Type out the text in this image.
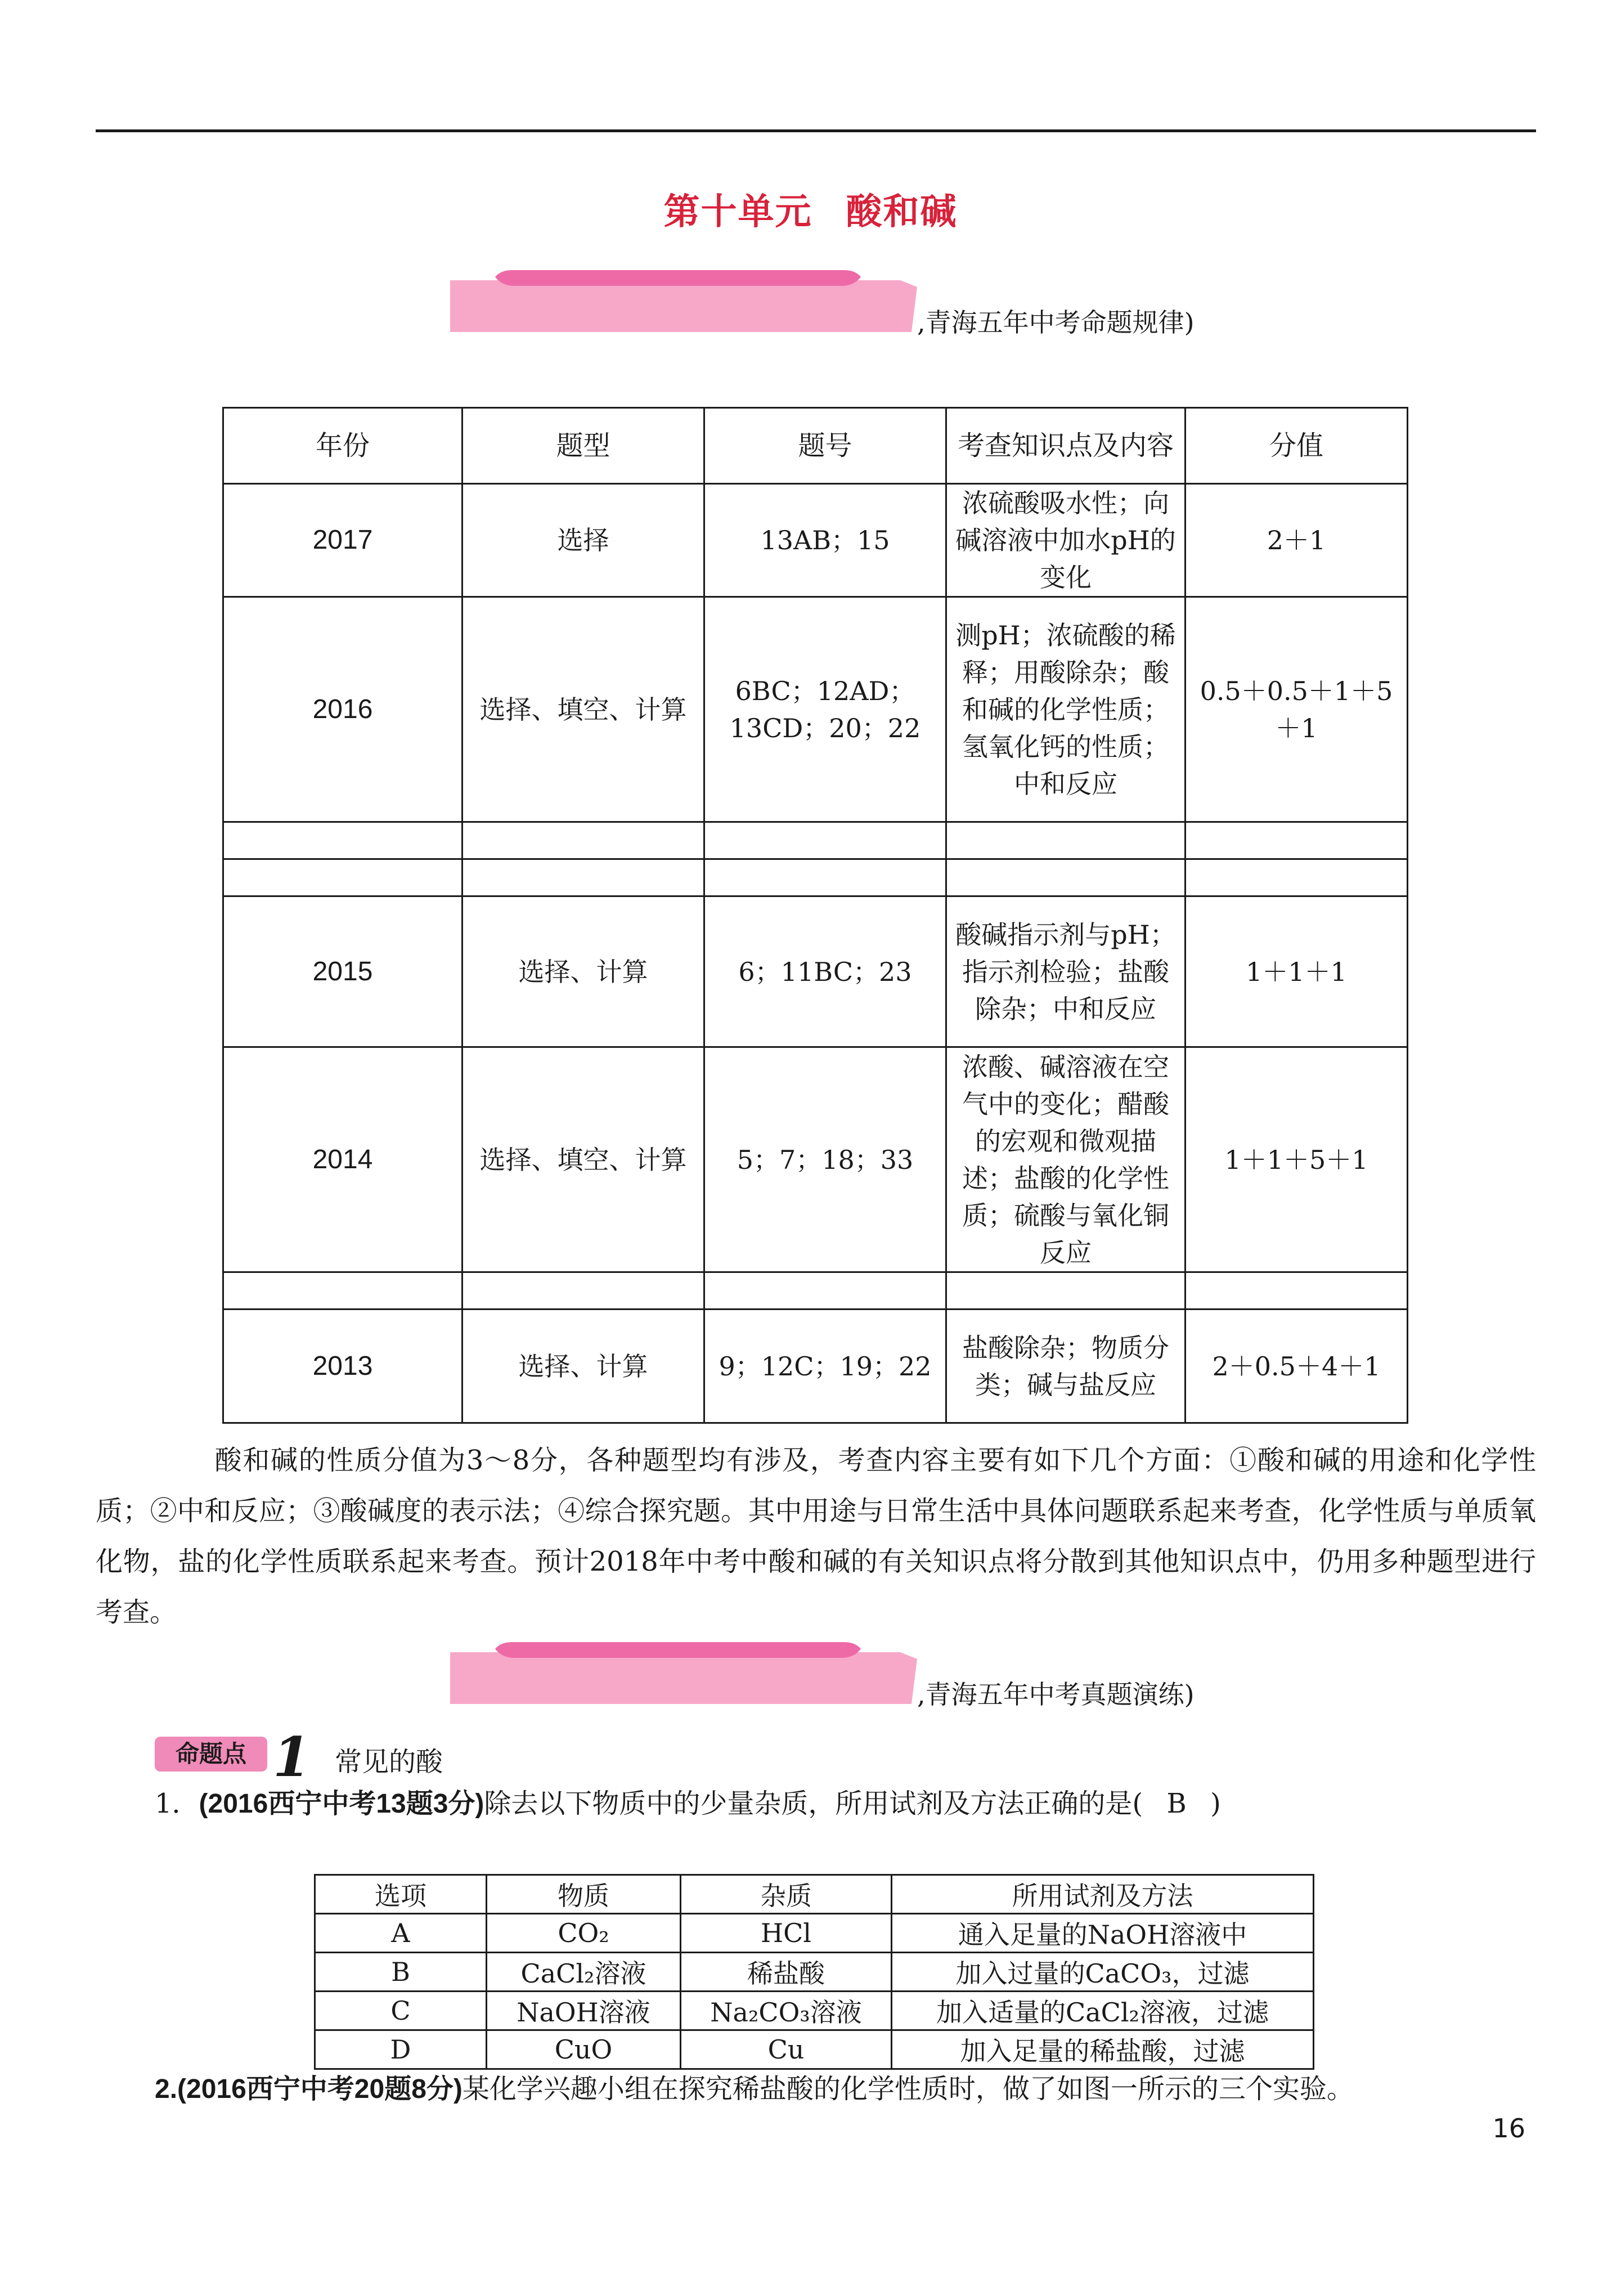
第十单元 酸和碱
,青海五年中考命题规律)
年份	题型	题号	考查知识点及内容	分值
2017	选择	13AB；15	浓硫酸吸水性；向碱溶液中加水pH的变化	2＋1
2016	选择、填空、计算	6BC；12AD；13CD；20；22	测pH；浓硫酸的稀释；用酸除杂；酸和碱的化学性质；氢氧化钙的性质；中和反应	0.5＋0.5＋1＋5＋1

2015	选择、计算	6；11BC；23	酸碱指示剂与pH；指示剂检验；盐酸除杂；中和反应	1＋1＋1
2014	选择、填空、计算	5；7；18；33	浓酸、碱溶液在空气中的变化；醋酸的宏观和微观描述；盐酸的化学性质；硫酸与氧化铜反应	1＋1＋5＋1

2013	选择、计算	9；12C；19；22	盐酸除杂；物质分类；碱与盐反应	2＋0.5＋4＋1
酸和碱的性质分值为3～8分，各种题型均有涉及，考查内容主要有如下几个方面：①酸和碱的用途和化学性质；②中和反应；③酸碱度的表示法；④综合探究题。其中用途与日常生活中具体问题联系起来考查，化学性质与单质氧化物，盐的化学性质联系起来考查。预计2018年中考中酸和碱的有关知识点将分散到其他知识点中，仍用多种题型进行考查。
,青海五年中考真题演练)
命题点 1 常见的酸
1．(2016西宁中考13题3分)除去以下物质中的少量杂质，所用试剂及方法正确的是( B )
选项	物质	杂质	所用试剂及方法
A	CO₂	HCl	通入足量的NaOH溶液中
B	CaCl₂溶液	稀盐酸	加入过量的CaCO₃，过滤
C	NaOH溶液	Na₂CO₃溶液	加入适量的CaCl₂溶液，过滤
D	CuO	Cu	加入足量的稀盐酸，过滤
2.(2016西宁中考20题8分)某化学兴趣小组在探究稀盐酸的化学性质时，做了如图一所示的三个实验。
16
